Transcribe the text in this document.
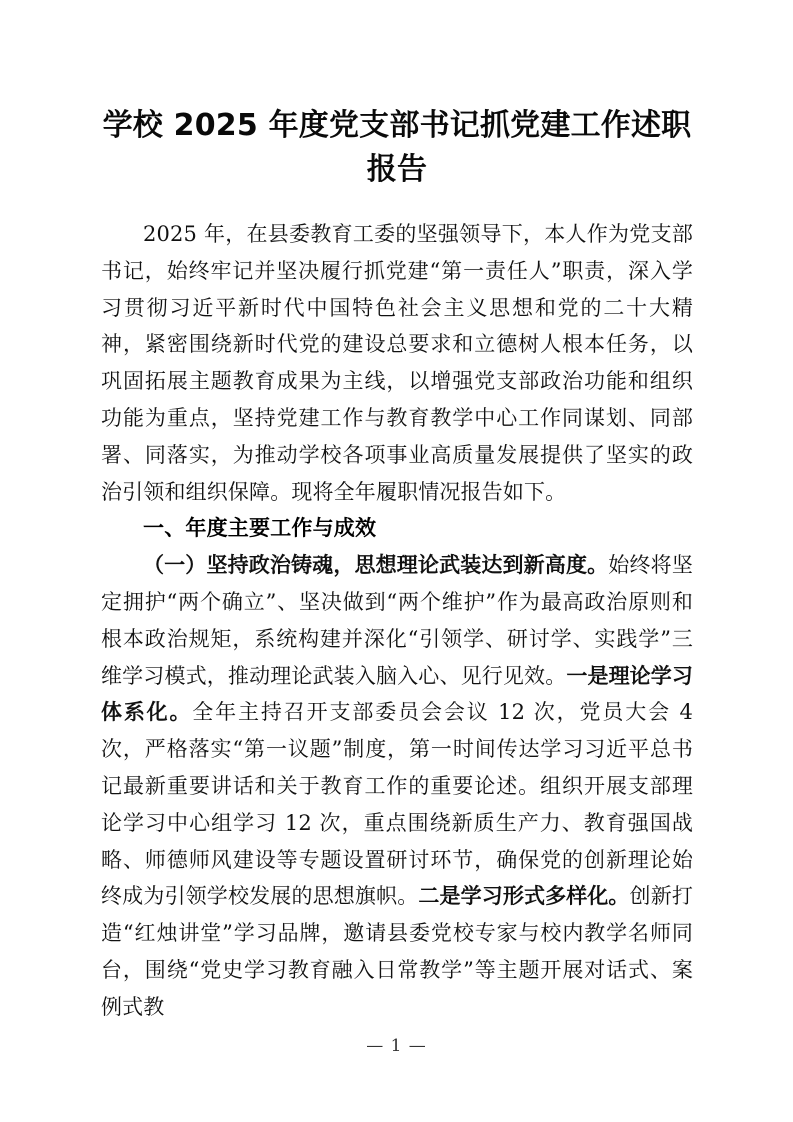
学校 2025 年度党支部书记抓党建工作述职报告

2025 年，在县委教育工委的坚强领导下，本人作为党支部书记，始终牢记并坚决履行抓党建“第一责任人”职责，深入学习贯彻习近平新时代中国特色社会主义思想和党的二十大精神，紧密围绕新时代党的建设总要求和立德树人根本任务，以巩固拓展主题教育成果为主线，以增强党支部政治功能和组织功能为重点，坚持党建工作与教育教学中心工作同谋划、同部署、同落实，为推动学校各项事业高质量发展提供了坚实的政治引领和组织保障。现将全年履职情况报告如下。

一、年度主要工作与成效

（一）坚持政治铸魂，思想理论武装达到新高度。始终将坚定拥护“两个确立”、坚决做到“两个维护”作为最高政治原则和根本政治规矩，系统构建并深化“引领学、研讨学、实践学”三维学习模式，推动理论武装入脑入心、见行见效。一是理论学习体系化。全年主持召开支部委员会会议 12 次，党员大会 4 次，严格落实“第一议题”制度，第一时间传达学习习近平总书记最新重要讲话和关于教育工作的重要论述。组织开展支部理论学习中心组学习 12 次，重点围绕新质生产力、教育强国战略、师德师风建设等专题设置研讨环节，确保党的创新理论始终成为引领学校发展的思想旗帜。二是学习形式多样化。创新打造“红烛讲堂”学习品牌，邀请县委党校专家与校内教学名师同台，围绕“党史学习教育融入日常教学”等主题开展对话式、案例式教

— 1 —
